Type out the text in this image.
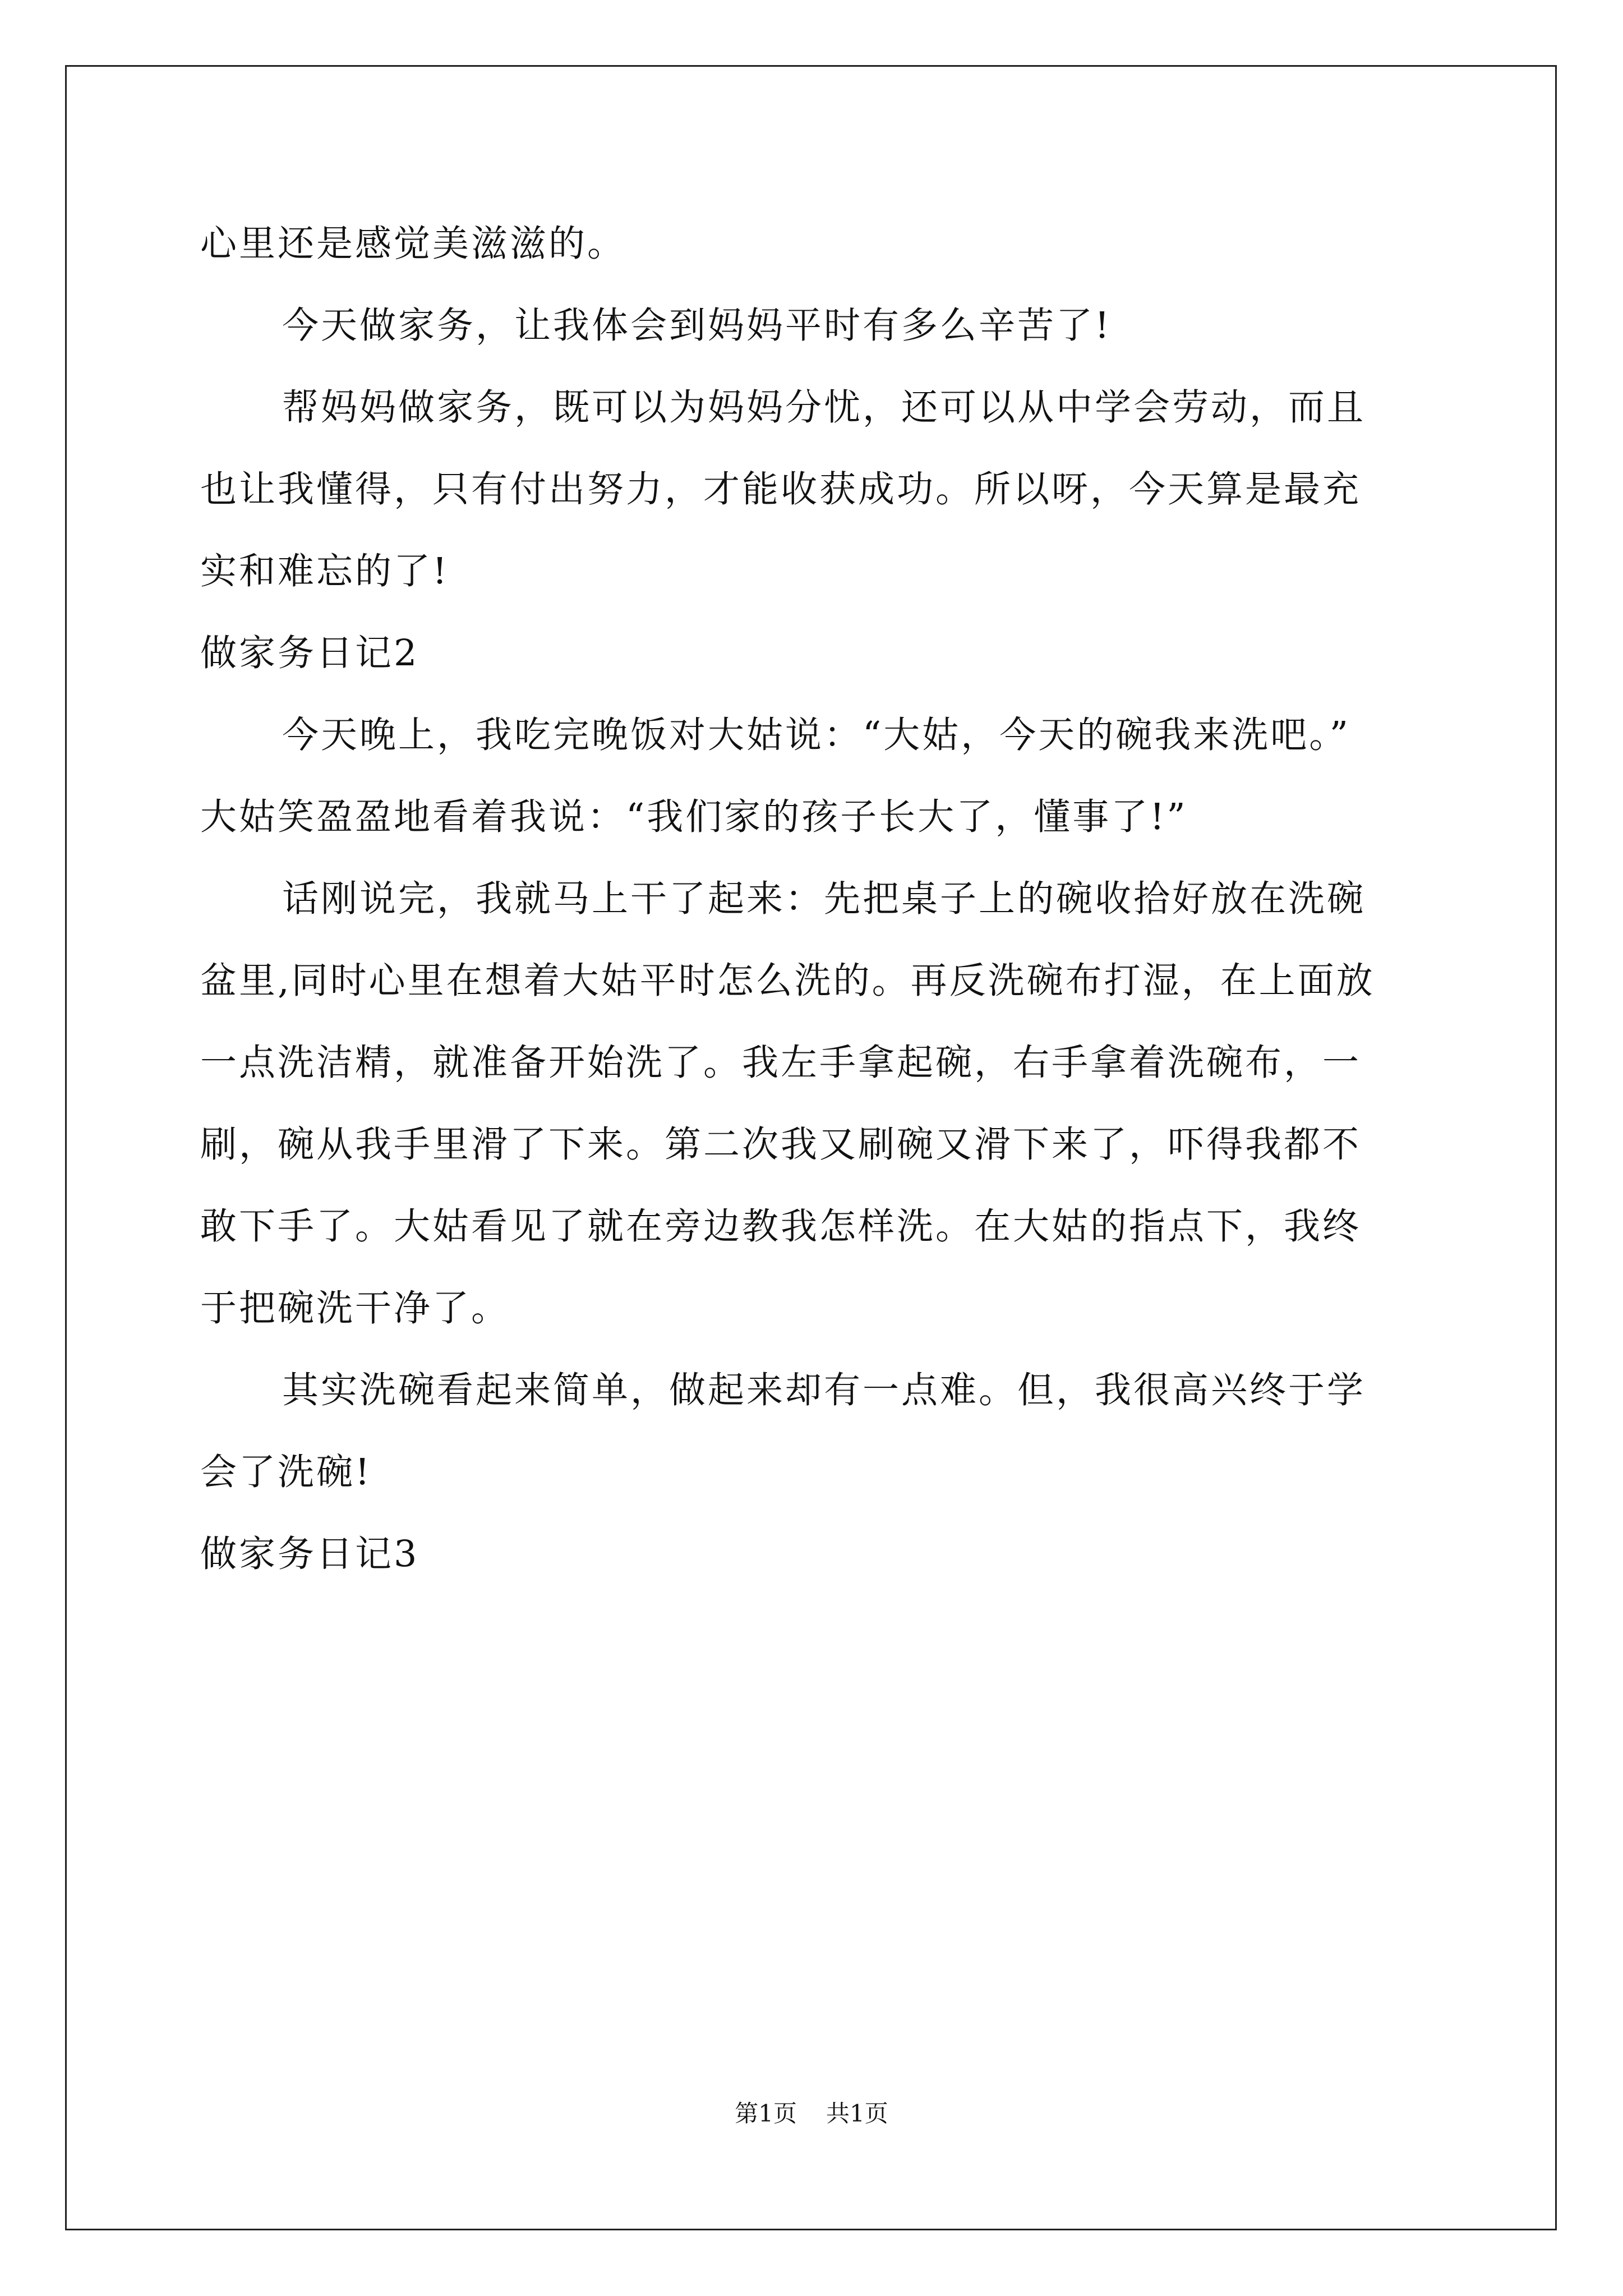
心里还是感觉美滋滋的。
今天做家务，让我体会到妈妈平时有多么辛苦了!
帮妈妈做家务，既可以为妈妈分忧，还可以从中学会劳动，而且
也让我懂得，只有付出努力，才能收获成功。所以呀，今天算是最充
实和难忘的了!
做家务日记2
今天晚上，我吃完晚饭对大姑说：“大姑，今天的碗我来洗吧。”
大姑笑盈盈地看着我说：“我们家的孩子长大了，懂事了!”
话刚说完，我就马上干了起来：先把桌子上的碗收拾好放在洗碗
盆里,同时心里在想着大姑平时怎么洗的。再反洗碗布打湿，在上面放
一点洗洁精，就准备开始洗了。我左手拿起碗，右手拿着洗碗布，一
刷，碗从我手里滑了下来。第二次我又刷碗又滑下来了，吓得我都不
敢下手了。大姑看见了就在旁边教我怎样洗。在大姑的指点下，我终
于把碗洗干净了。
其实洗碗看起来简单，做起来却有一点难。但，我很高兴终于学
会了洗碗!
做家务日记3
第1页 共1页
